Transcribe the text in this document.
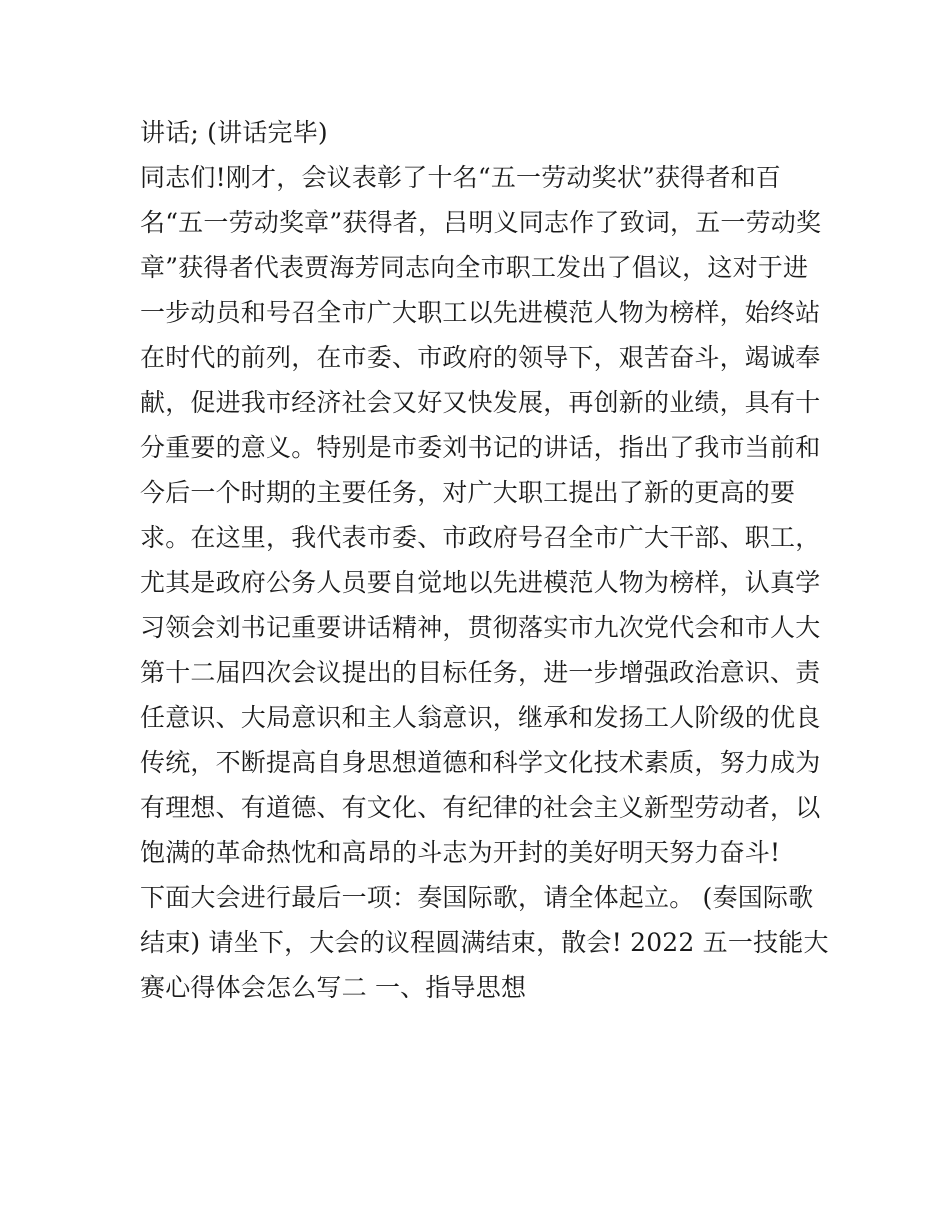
讲话; (讲话完毕)
同志们!刚才，会议表彰了十名“五一劳动奖状”获得者和百
名“五一劳动奖章”获得者，吕明义同志作了致词，五一劳动奖
章”获得者代表贾海芳同志向全市职工发出了倡议，这对于进
一步动员和号召全市广大职工以先进模范人物为榜样，始终站
在时代的前列，在市委、市政府的领导下，艰苦奋斗，竭诚奉
献，促进我市经济社会又好又快发展，再创新的业绩，具有十
分重要的意义。特别是市委刘书记的讲话，指出了我市当前和
今后一个时期的主要任务，对广大职工提出了新的更高的要
求。在这里，我代表市委、市政府号召全市广大干部、职工，
尤其是政府公务人员要自觉地以先进模范人物为榜样，认真学
习领会刘书记重要讲话精神，贯彻落实市九次党代会和市人大
第十二届四次会议提出的目标任务，进一步增强政治意识、责
任意识、大局意识和主人翁意识，继承和发扬工人阶级的优良
传统，不断提高自身思想道德和科学文化技术素质，努力成为
有理想、有道德、有文化、有纪律的社会主义新型劳动者，以
饱满的革命热忱和高昂的斗志为开封的美好明天努力奋斗!
下面大会进行最后一项：奏国际歌，请全体起立。 (奏国际歌
结束) 请坐下，大会的议程圆满结束，散会! 2022 五一技能大
赛心得体会怎么写二 一、指导思想
